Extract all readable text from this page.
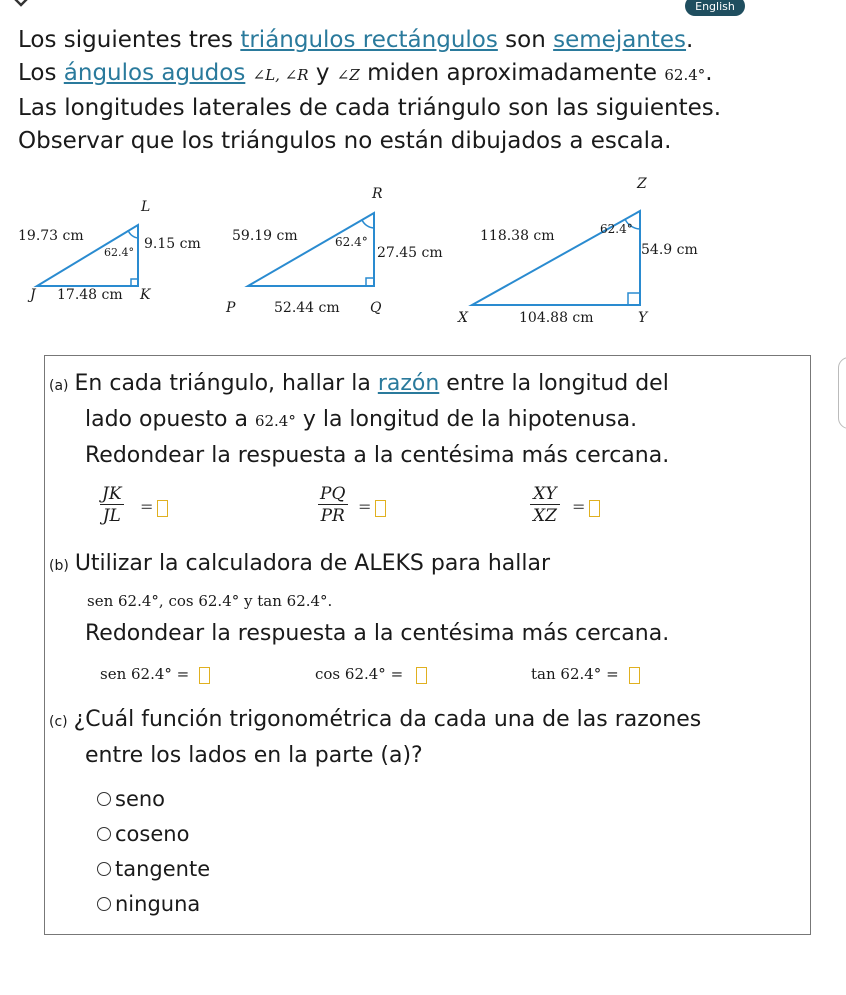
English

Los siguientes tres triángulos rectángulos son semejantes.

Los ángulos agudos ∠L, ∠R y ∠Z miden aproximadamente 62.4°.

Las longitudes laterales de cada triángulo son las siguientes.

Observar que los triángulos no están dibujados a escala.

19.73 cm	9.15 cm
17.48 cm
62.4°
L
J	K
59.19 cm
27.45 cm
52.44 cm
62.4°
R
P	Q
118.38 cm
54.9 cm
104.88 cm
62.4°
Z
X	Y
(a) En cada triángulo, hallar la razón entre la longitud del
lado opuesto a 62.4° y la longitud de la hipotenusa.
Redondear la respuesta a la centésima más cercana.
$\frac{JK}{JL}$ =	$\frac{PQ}{PR}$ =	$\frac{XY}{XZ}$ =
(b) Utilizar la calculadora de ALEKS para hallar
sen 62.4°, cos 62.4° y tan 62.4°.
Redondear la respuesta a la centésima más cercana.
sen 62.4° =	cos 62.4° =	tan 62.4° =
(c) ¿Cuál función trigonométrica da cada una de las razones
entre los lados en la parte (a)?
seno
coseno
tangente
ninguna
